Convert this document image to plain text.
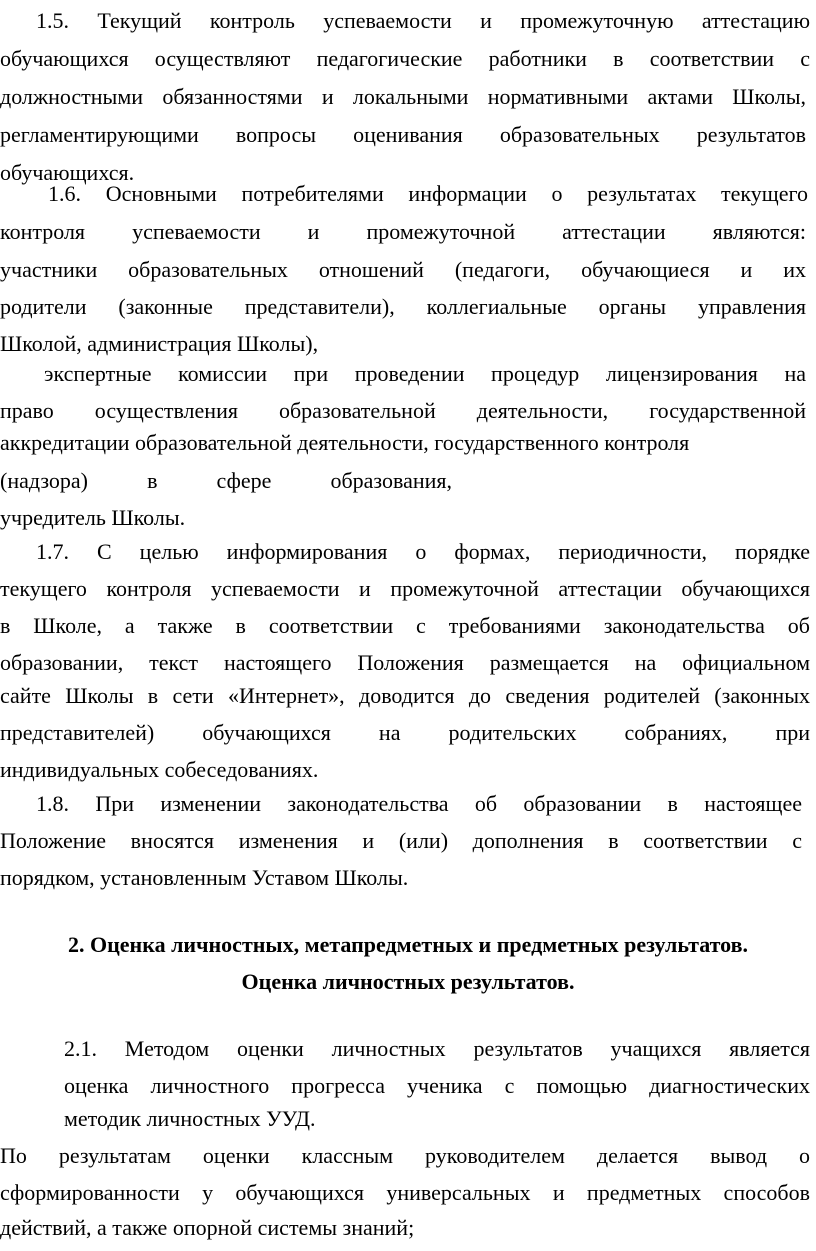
1.5. Текущий контроль успеваемости и промежуточную аттестацию
обучающихся осуществляют педагогические работники в соответствии с
должностными обязанностями и локальными нормативными актами Школы,
регламентирующими вопросы оценивания образовательных результатов
обучающихся.
1.6. Основными потребителями информации о результатах текущего
контроля успеваемости и промежуточной аттестации являются:
участники образовательных отношений (педагоги, обучающиеся и их
родители (законные представители), коллегиальные органы управления
Школой, администрация Школы),
экспертные комиссии при проведении процедур лицензирования на
право осуществления образовательной деятельности, государственной
аккредитации образовательной деятельности, государственного контроля
(надзора) в сфере образования,
учредитель Школы.
1.7. С целью информирования о формах, периодичности, порядке
текущего контроля успеваемости и промежуточной аттестации обучающихся
в Школе, а также в соответствии с требованиями законодательства об
образовании, текст настоящего Положения размещается на официальном
сайте Школы в сети «Интернет», доводится до сведения родителей (законных
представителей) обучающихся на родительских собраниях, при
индивидуальных собеседованиях.
1.8. При изменении законодательства об образовании в настоящее
Положение вносятся изменения и (или) дополнения в соответствии с
порядком, установленным Уставом Школы.
2. Оценка личностных, метапредметных и предметных результатов.
Оценка личностных результатов.
2.1. Методом оценки личностных результатов учащихся является
оценка личностного прогресса ученика с помощью диагностических
методик личностных УУД.
По результатам оценки классным руководителем делается вывод о
сформированности у обучающихся универсальных и предметных способов
действий, а также опорной системы знаний;
